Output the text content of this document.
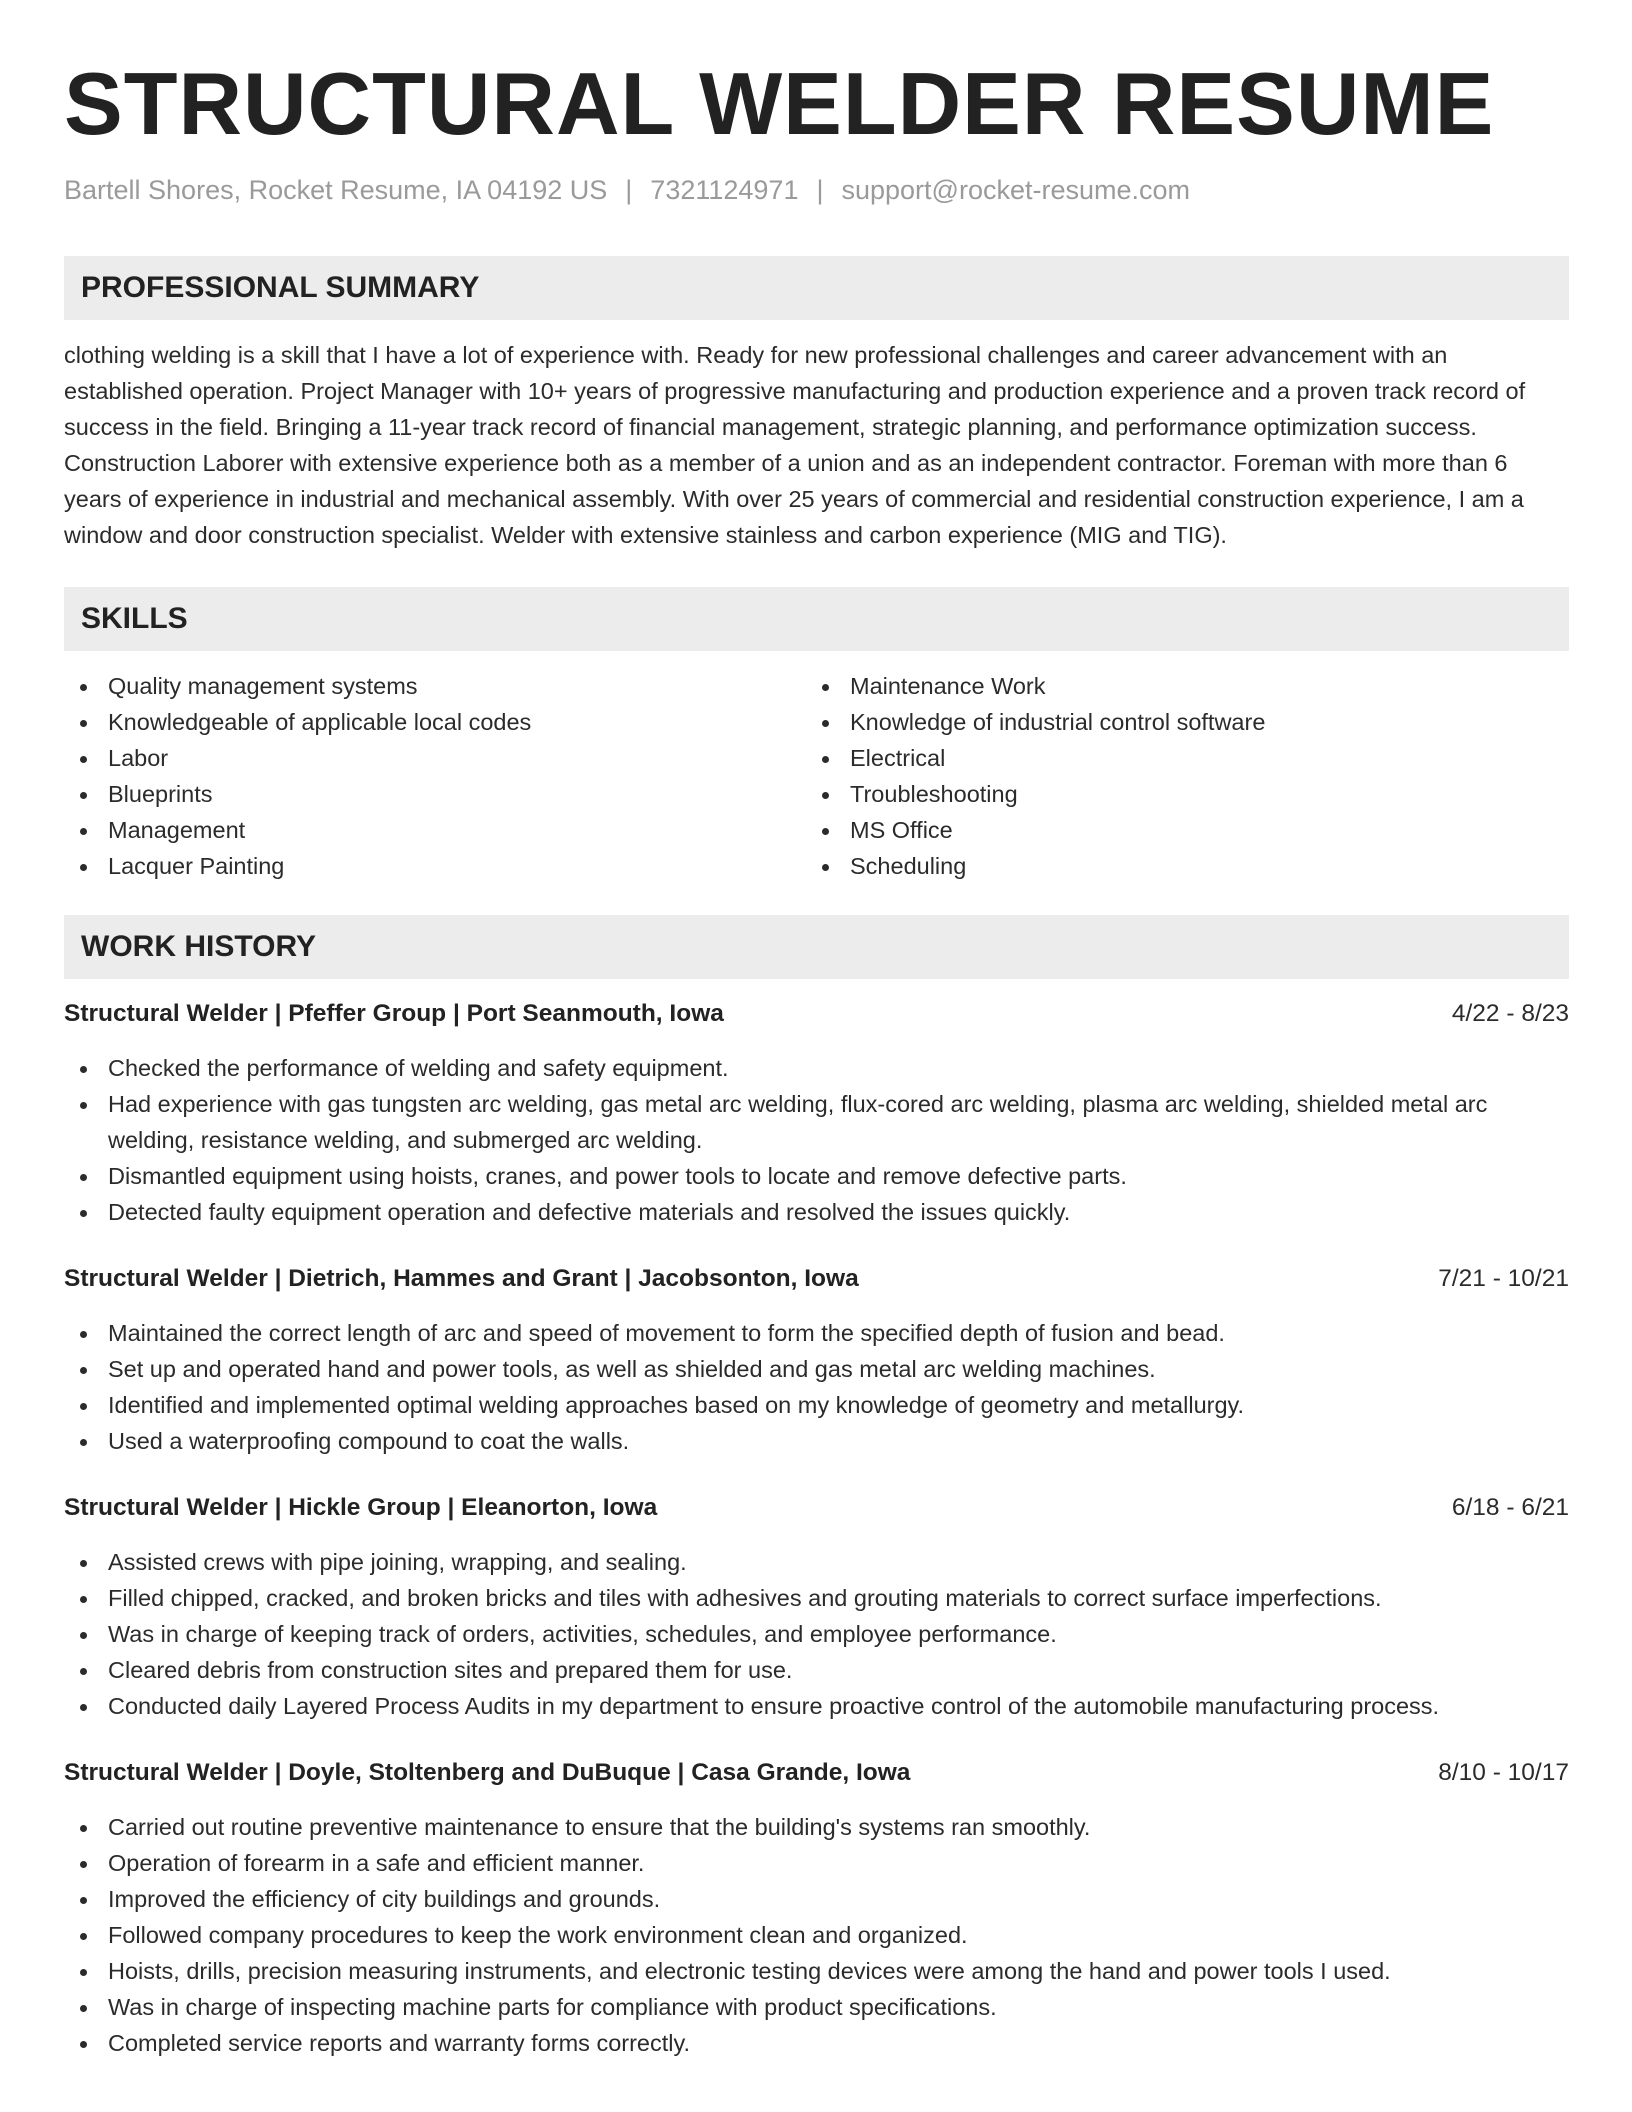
STRUCTURAL WELDER RESUME
Bartell Shores, Rocket Resume, IA 04192 US | 7321124971 | support@rocket-resume.com
PROFESSIONAL SUMMARY

clothing welding is a skill that I have a lot of experience with. Ready for new professional challenges and career advancement with an established operation. Project Manager with 10+ years of progressive manufacturing and production experience and a proven track record of success in the field. Bringing a 11-year track record of financial management, strategic planning, and performance optimization success. Construction Laborer with extensive experience both as a member of a union and as an independent contractor. Foreman with more than 6 years of experience in industrial and mechanical assembly. With over 25 years of commercial and residential construction experience, I am a window and door construction specialist. Welder with extensive stainless and carbon experience (MIG and TIG).

SKILLS
Quality management systems
Knowledgeable of applicable local codes
Labor
Blueprints
Management
Lacquer Painting
Maintenance Work
Knowledge of industrial control software
Electrical
Troubleshooting
MS Office
Scheduling
WORK HISTORY
Structural Welder | Pfeffer Group | Port Seanmouth, Iowa	4/22 - 8/23
Checked the performance of welding and safety equipment.
Had experience with gas tungsten arc welding, gas metal arc welding, flux-cored arc welding, plasma arc welding, shielded metal arc welding, resistance welding, and submerged arc welding.
Dismantled equipment using hoists, cranes, and power tools to locate and remove defective parts.
Detected faulty equipment operation and defective materials and resolved the issues quickly.
Structural Welder | Dietrich, Hammes and Grant | Jacobsonton, Iowa	7/21 - 10/21
Maintained the correct length of arc and speed of movement to form the specified depth of fusion and bead.
Set up and operated hand and power tools, as well as shielded and gas metal arc welding machines.
Identified and implemented optimal welding approaches based on my knowledge of geometry and metallurgy.
Used a waterproofing compound to coat the walls.
Structural Welder | Hickle Group | Eleanorton, Iowa	6/18 - 6/21
Assisted crews with pipe joining, wrapping, and sealing.
Filled chipped, cracked, and broken bricks and tiles with adhesives and grouting materials to correct surface imperfections.
Was in charge of keeping track of orders, activities, schedules, and employee performance.
Cleared debris from construction sites and prepared them for use.
Conducted daily Layered Process Audits in my department to ensure proactive control of the automobile manufacturing process.
Structural Welder | Doyle, Stoltenberg and DuBuque | Casa Grande, Iowa	8/10 - 10/17
Carried out routine preventive maintenance to ensure that the building's systems ran smoothly.
Operation of forearm in a safe and efficient manner.
Improved the efficiency of city buildings and grounds.
Followed company procedures to keep the work environment clean and organized.
Hoists, drills, precision measuring instruments, and electronic testing devices were among the hand and power tools I used.
Was in charge of inspecting machine parts for compliance with product specifications.
Completed service reports and warranty forms correctly.
